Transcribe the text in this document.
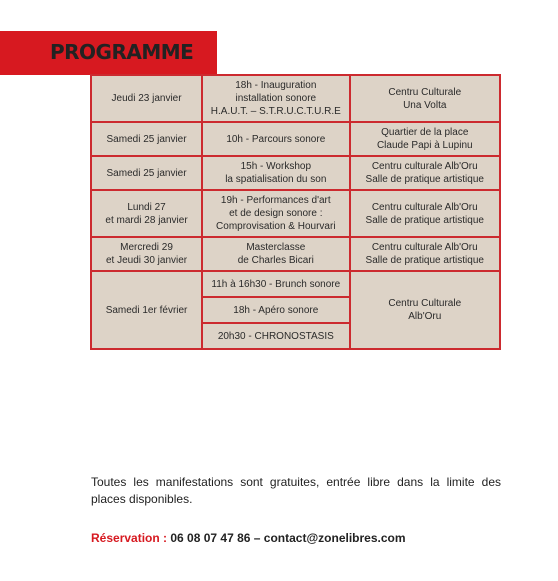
PROGRAMME
Jeudi 23 janvier	18h - Inauguration
installation sonore
H.A.U.T. – S.T.R.U.C.T.U.R.E	Centru Culturale
Una Volta

Samedi 25 janvier	10h - Parcours sonore	Quartier de la place
Claude Papi à Lupinu

Samedi 25 janvier	15h - Workshop
la spatialisation du son	Centru culturale Alb'Oru
Salle de pratique artistique

Lundi 27
et mardi 28 janvier	19h - Performances d'art
et de design sonore :
Comprovisation & Hourvari	Centru culturale Alb'Oru
Salle de pratique artistique

Mercredi 29
et Jeudi 30 janvier	Masterclasse
de Charles Bicari	Centru culturale Alb'Oru
Salle de pratique artistique

Samedi 1er février	11h à 16h30 - Brunch sonore	Centru Culturale
Alb'Oru

	18h - Apéro sonore	

	20h30 - CHRONOSTASIS	
Toutes les manifestations sont gratuites, entrée libre dans la limite des places disponibles.
Réservation : 06 08 07 47 86 – contact@zonelibres.com
